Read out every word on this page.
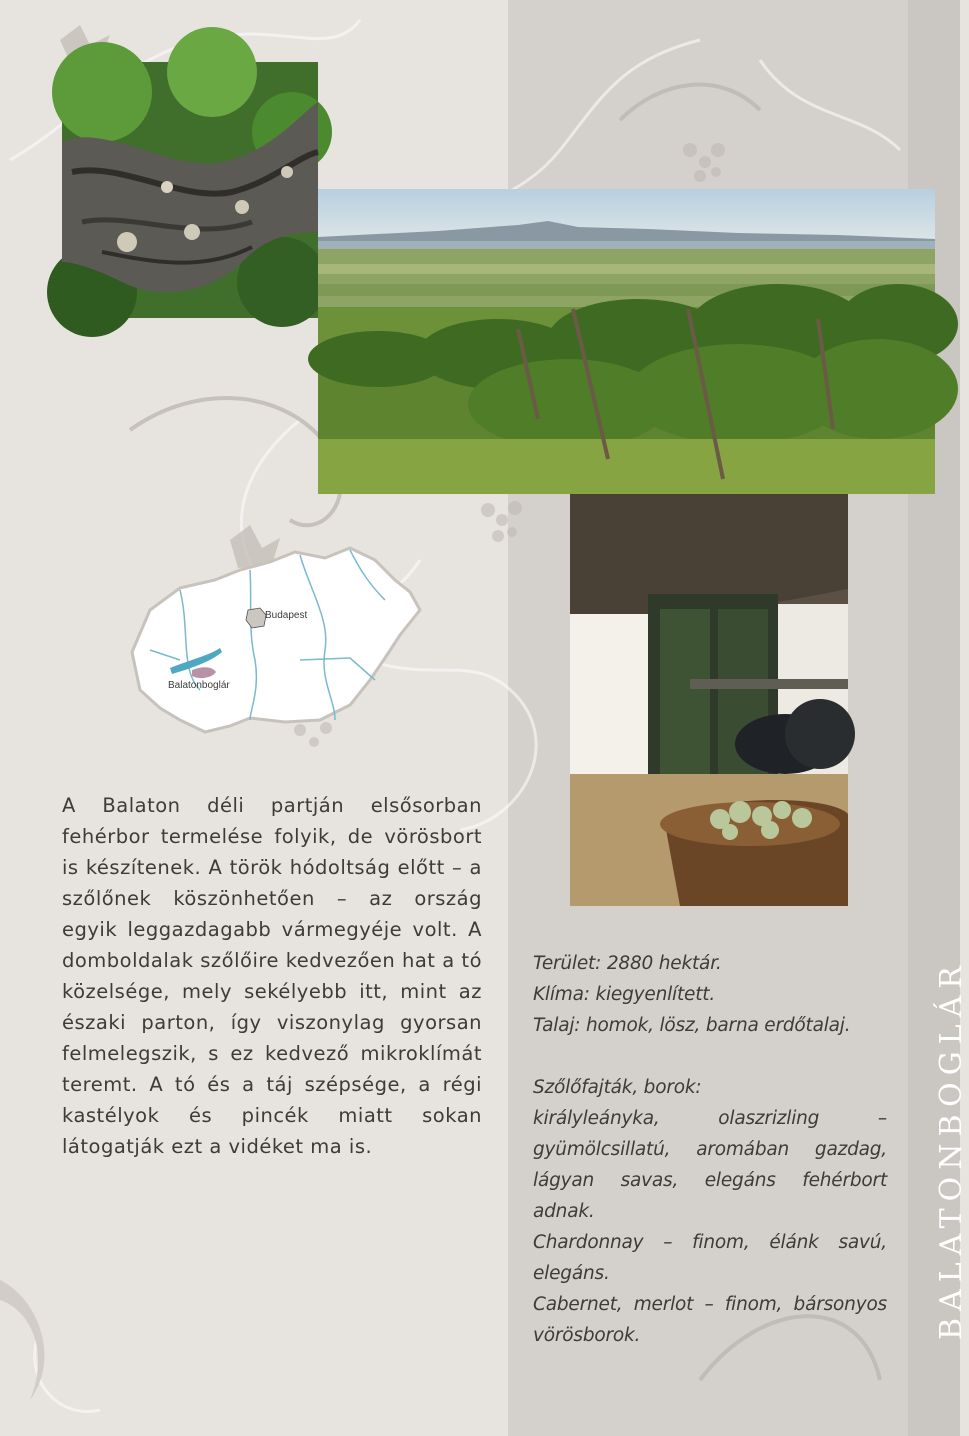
Budapest
Balatonboglár
A Balaton déli partján elsősorban fehérbor termelése folyik, de vörösbort is készítenek. A török hódoltság előtt – a szőlőnek köszönhetően – az ország egyik leggazdagabb vármegyéje volt. A domboldalak szőlőire kedvezően hat a tó közelsége, mely sekélyebb itt, mint az északi parton, így viszonylag gyorsan felmelegszik, s ez kedvező mikroklímát teremt. A tó és a táj szépsége, a régi kastélyok és pincék miatt sokan látogatják ezt a vidéket ma is.

Terület: 2880 hektár.

Klíma: kiegyenlített.

Talaj: homok, lösz, barna erdőtalaj.

Szőlőfajták, borok:

királyleányka, olaszrizling – gyümölcsillatú, aromában gazdag, lágyan savas, elegáns fehérbort adnak.

Chardonnay – finom, élánk savú, elegáns.

Cabernet, merlot – finom, bársonyos vörösborok.	BALATONBOGLÁR
